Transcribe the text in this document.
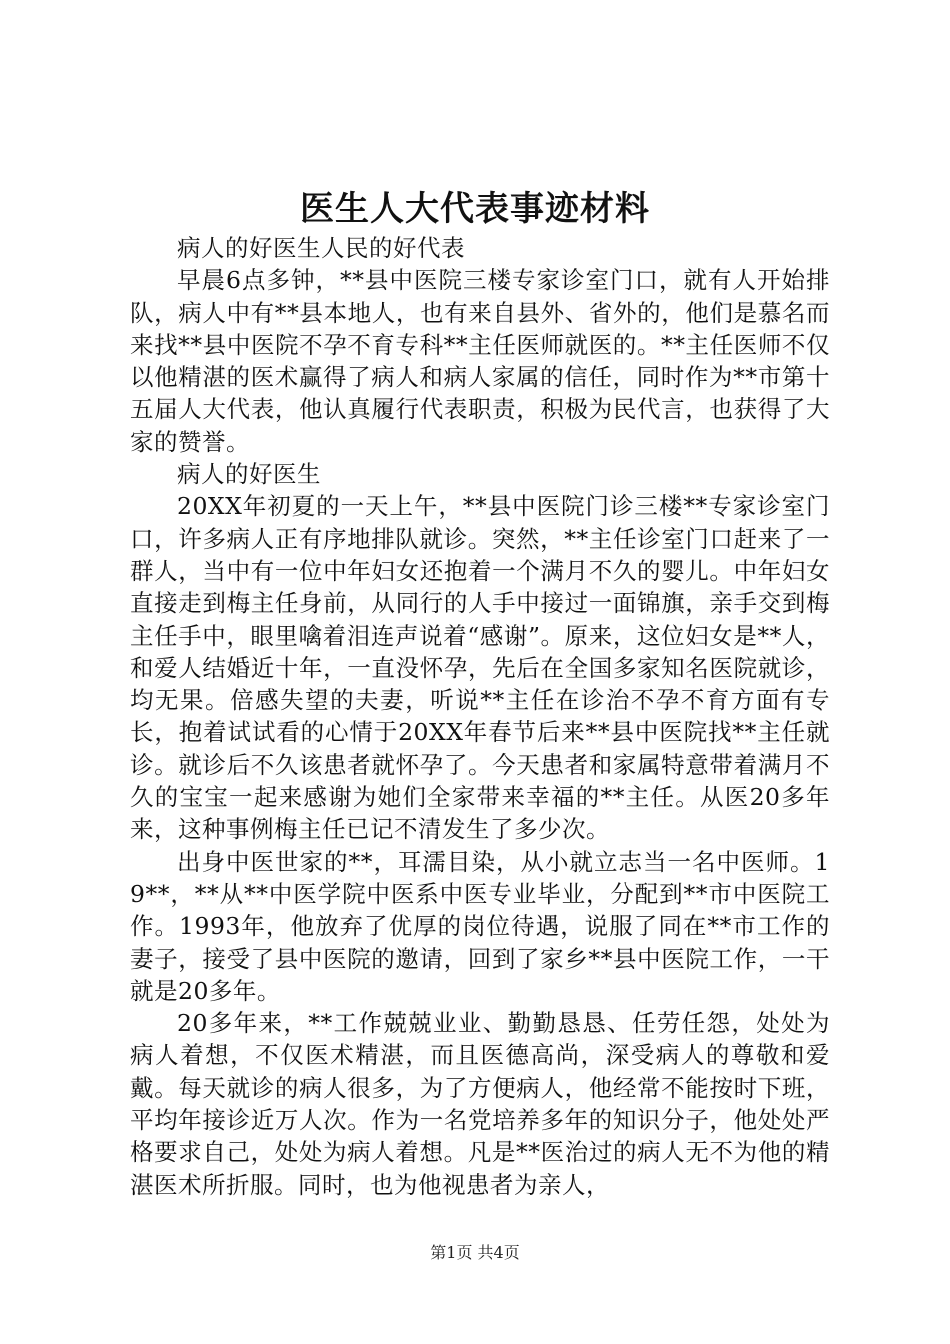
医生人大代表事迹材料

病人的好医生人民的好代表

早晨6点多钟，**县中医院三楼专家诊室门口，就有人开始排队，病人中有**县本地人，也有来自县外、省外的，他们是慕名而来找**县中医院不孕不育专科**主任医师就医的。**主任医师不仅以他精湛的医术赢得了病人和病人家属的信任，同时作为**市第十五届人大代表，他认真履行代表职责，积极为民代言，也获得了大家的赞誉。

病人的好医生

20XX年初夏的一天上午，**县中医院门诊三楼**专家诊室门口，许多病人正有序地排队就诊。突然，**主任诊室门口赶来了一群人，当中有一位中年妇女还抱着一个满月不久的婴儿。中年妇女直接走到梅主任身前，从同行的人手中接过一面锦旗，亲手交到梅主任手中，眼里噙着泪连声说着“感谢”。原来，这位妇女是**人，和爱人结婚近十年，一直没怀孕，先后在全国多家知名医院就诊，均无果。倍感失望的夫妻，听说**主任在诊治不孕不育方面有专长，抱着试试看的心情于20XX年春节后来**县中医院找**主任就诊。就诊后不久该患者就怀孕了。今天患者和家属特意带着满月不久的宝宝一起来感谢为她们全家带来幸福的**主任。从医20多年来，这种事例梅主任已记不清发生了多少次。

出身中医世家的**，耳濡目染，从小就立志当一名中医师。19**，**从**中医学院中医系中医专业毕业，分配到**市中医院工作。1993年，他放弃了优厚的岗位待遇，说服了同在**市工作的妻子，接受了县中医院的邀请，回到了家乡**县中医院工作，一干就是20多年。

20多年来，**工作兢兢业业、勤勤恳恳、任劳任怨，处处为病人着想，不仅医术精湛，而且医德高尚，深受病人的尊敬和爱戴。每天就诊的病人很多，为了方便病人，他经常不能按时下班，平均年接诊近万人次。作为一名党培养多年的知识分子，他处处严格要求自己，处处为病人着想。凡是**医治过的病人无不为他的精湛医术所折服。同时，也为他视患者为亲人，

第1页 共4页
